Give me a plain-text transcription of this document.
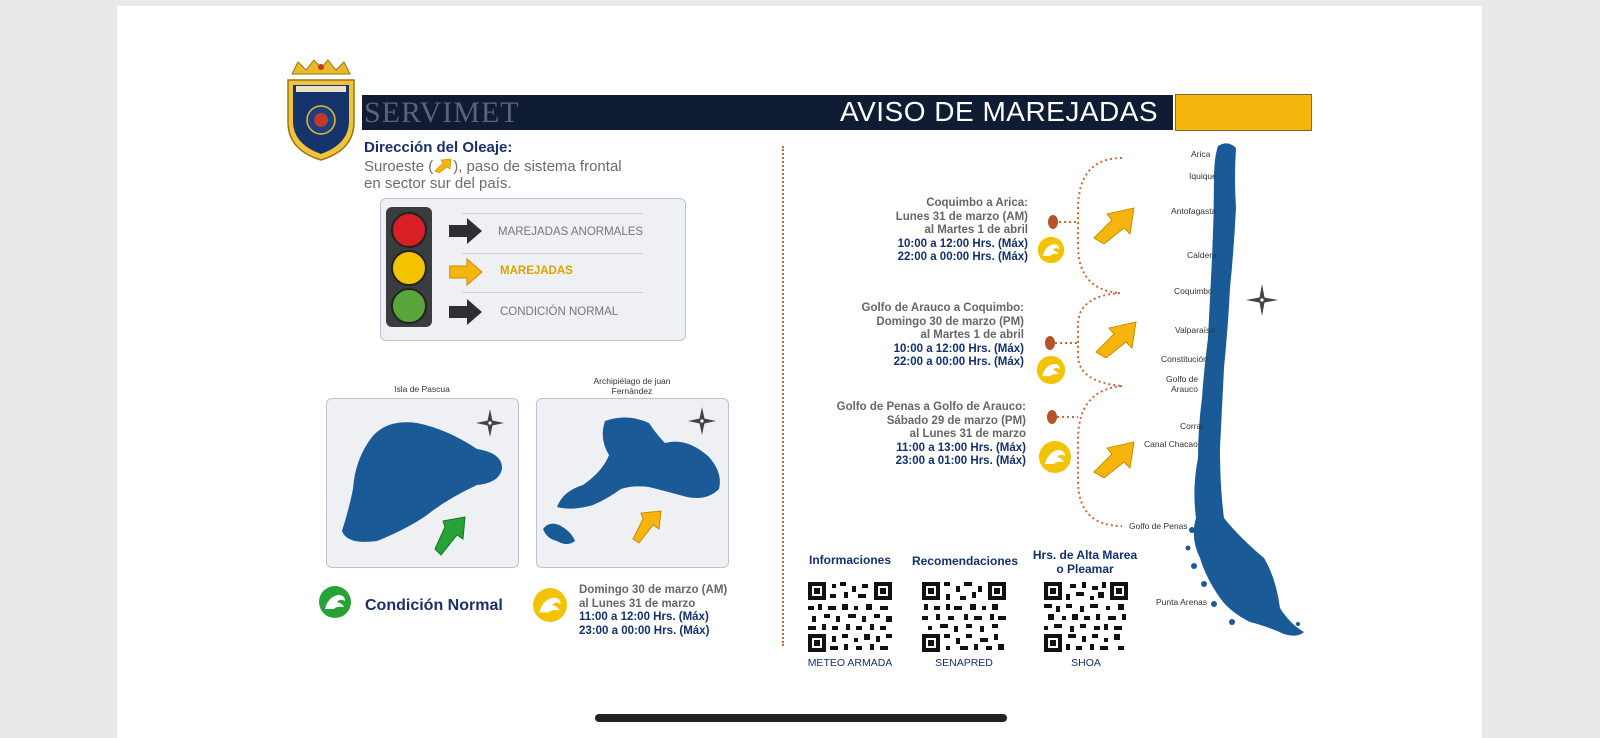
SERVIMET	AVISO DE MAREJADAS
Dirección del Oleaje:
Suroeste ( ), paso de sistema frontal
en sector sur del país.
MAREJADAS ANORMALES
MAREJADAS
CONDICIÓN NORMAL
Isla de Pascua
Archipiélago de juan
Fernández
Condición Normal
Domingo 30 de marzo (AM)
al Lunes 31 de marzo
11:00 a 12:00 Hrs. (Máx)
23:00 a 00:00 Hrs. (Máx)
Coquimbo a Arica:
Lunes 31 de marzo (AM)
al Martes 1 de abril
10:00 a 12:00 Hrs. (Máx)
22:00 a 00:00 Hrs. (Máx)
Golfo de Arauco a Coquimbo:
Domingo 30 de marzo (PM)
al Martes 1 de abril
10:00 a 12:00 Hrs. (Máx)
22:00 a 00:00 Hrs. (Máx)
Golfo de Penas a Golfo de Arauco:
Sábado 29 de marzo (PM)
al Lunes 31 de marzo
11:00 a 13:00 Hrs. (Máx)
23:00 a 01:00 Hrs. (Máx)
Arica
Iquique
Antofagasta
Caldera
Coquimbo
Valparaíso
Constitución
Golfo de
Arauco
Corral
Canal Chacao
Golfo de Penas
Punta Arenas
Informaciones	Recomendaciones	Hrs. de Alta Marea
o Pleamar
METEO ARMADA	SENAPRED	SHOA
